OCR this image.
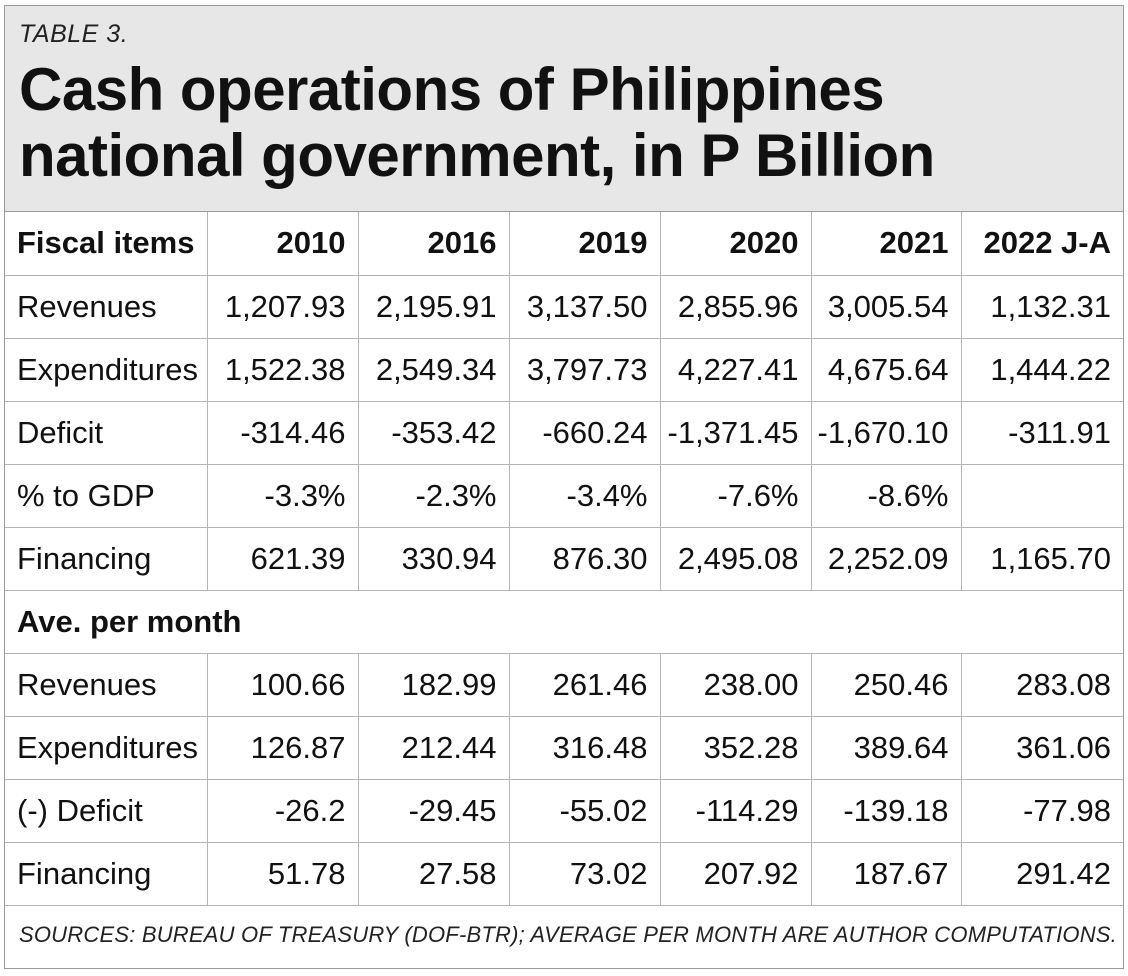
TABLE 3.
Cash operations of Philippines
national government, in P Billion
Fiscal items	2010	2016	2019	2020	2021	2022 J-A
Revenues	1,207.93	2,195.91	3,137.50	2,855.96	3,005.54	1,132.31
Expenditures	1,522.38	2,549.34	3,797.73	4,227.41	4,675.64	1,444.22
Deficit	-314.46	-353.42	-660.24	-1,371.45	-1,670.10	-311.91
% to GDP	-3.3%	-2.3%	-3.4%	-7.6%	-8.6%	
Financing	621.39	330.94	876.30	2,495.08	2,252.09	1,165.70
Ave. per month						
Revenues	100.66	182.99	261.46	238.00	250.46	283.08
Expenditures	126.87	212.44	316.48	352.28	389.64	361.06
(-) Deficit	-26.2	-29.45	-55.02	-114.29	-139.18	-77.98
Financing	51.78	27.58	73.02	207.92	187.67	291.42
SOURCES: BUREAU OF TREASURY (DOF-BTR); AVERAGE PER MONTH ARE AUTHOR COMPUTATIONS.
